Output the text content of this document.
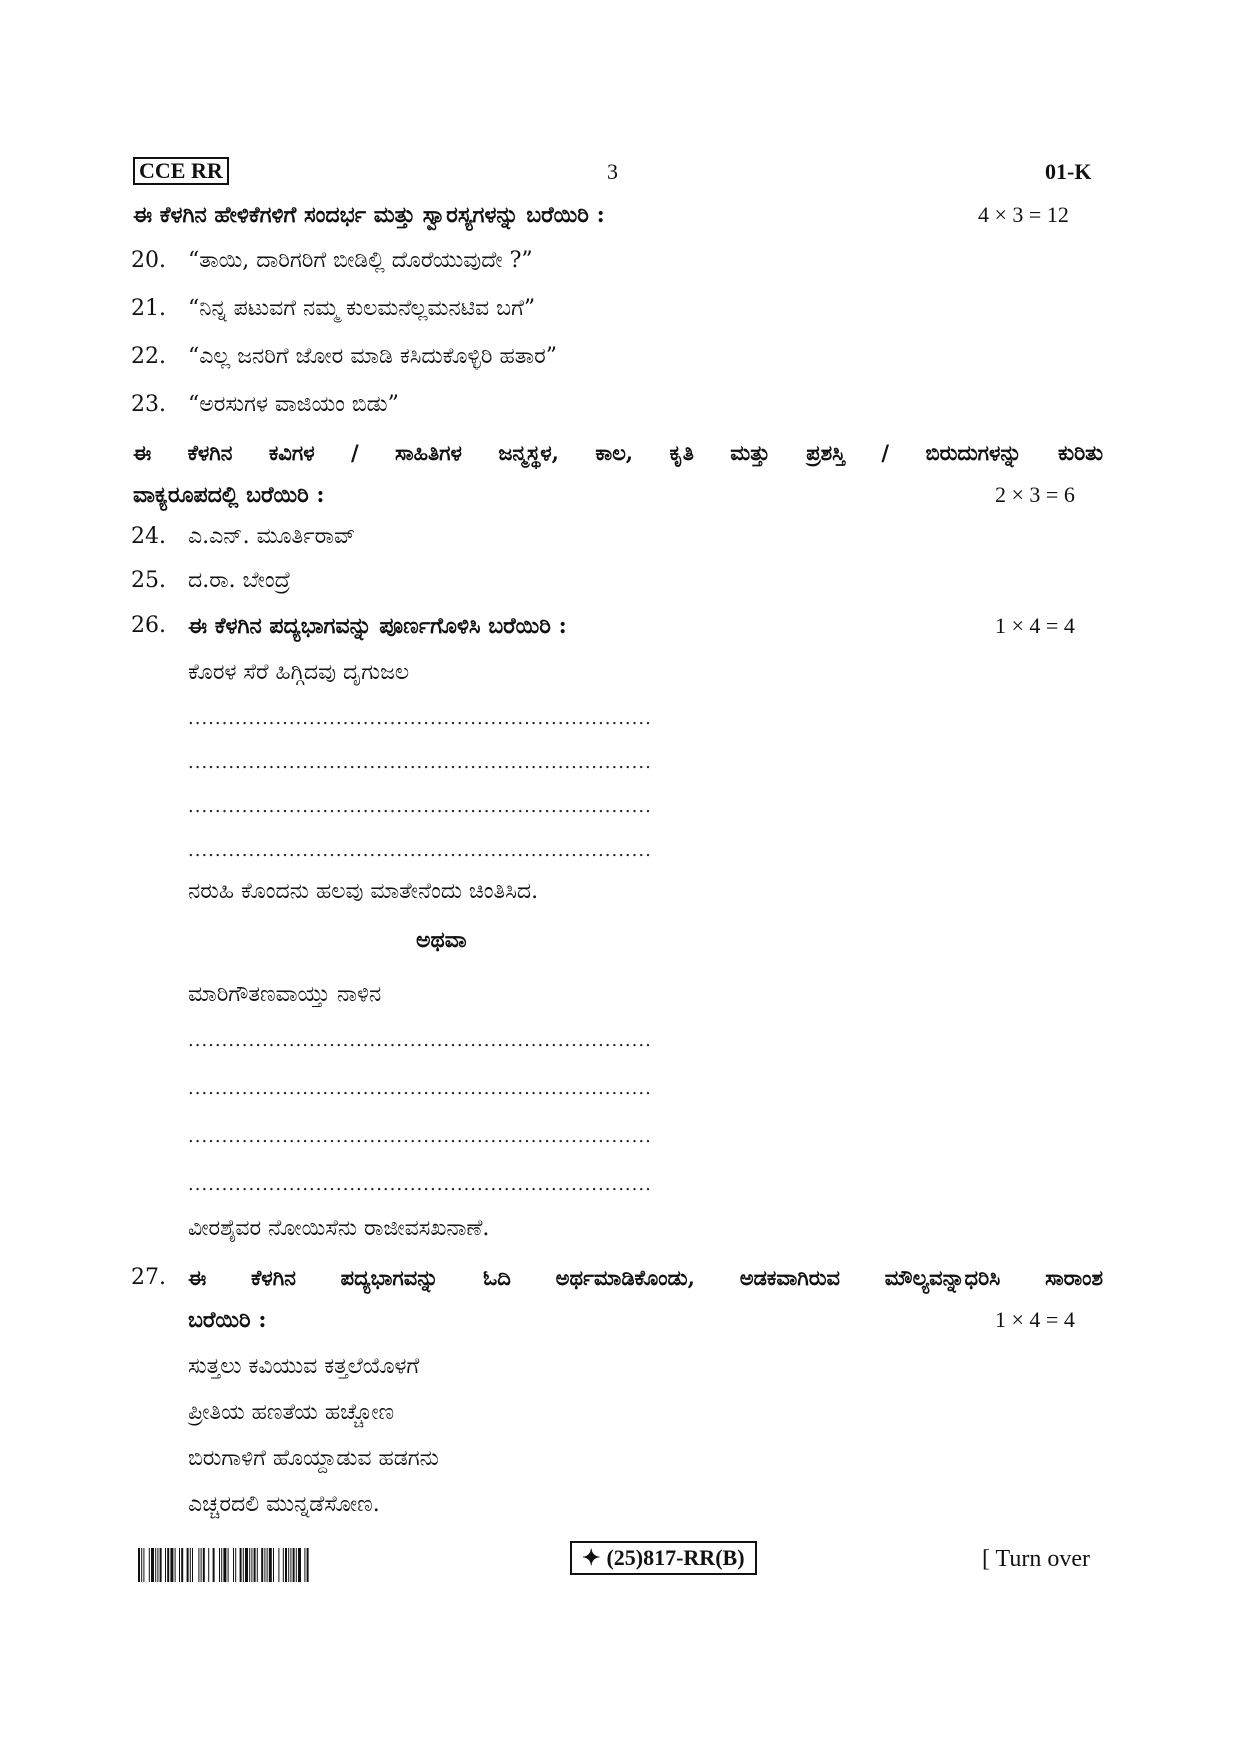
CCE RR	3	01-K
ಈ ಕೆಳಗಿನ ಹೇಳಿಕೆಗಳಿಗೆ ಸಂದರ್ಭ ಮತ್ತು ಸ್ವಾರಸ್ಯಗಳನ್ನು ಬರೆಯಿರಿ :	4 × 3 = 12
20. “ತಾಯಿ, ದಾರಿಗರಿಗೆ ಬೀಡಿಲ್ಲಿ ದೊರೆಯುವುದೇ ?”
21. “ನಿನ್ನ ಪಟುವಗೆ ನಮ್ಮ ಕುಲಮನೆಲ್ಲಮನಟಿವ ಬಗೆ”
22. “ಎಲ್ಲ ಜನರಿಗೆ ಜೋರ ಮಾಡಿ ಕಸಿದುಕೊಳ್ಳಿರಿ ಹತಾರ”
23. “ಅರಸುಗಳ ವಾಜಿಯಂ ಬಿಡು”
ಈ ಕೆಳಗಿನ ಕವಿಗಳ / ಸಾಹಿತಿಗಳ ಜನ್ಮಸ್ಥಳ, ಕಾಲ, ಕೃತಿ ಮತ್ತು ಪ್ರಶಸ್ತಿ / ಬಿರುದುಗಳನ್ನು ಕುರಿತು
ವಾಕ್ಯರೂಪದಲ್ಲಿ ಬರೆಯಿರಿ :	2 × 3 = 6
24. ಎ.ಎನ್. ಮೂರ್ತಿರಾವ್
25. ದ.ರಾ. ಬೇಂದ್ರೆ
26. ಈ ಕೆಳಗಿನ ಪದ್ಯಭಾಗವನ್ನು ಪೂರ್ಣಗೊಳಿಸಿ ಬರೆಯಿರಿ :	1 × 4 = 4
ಕೊರಳ ಸೆರೆ ಹಿಗ್ಗಿದವು ದೃಗುಜಲ
.....................................................................
.....................................................................
.....................................................................
.....................................................................
ನರುಹಿ ಕೊಂದನು ಹಲವು ಮಾತೇನೆಂದು ಚಿಂತಿಸಿದ.
ಅಥವಾ
ಮಾರಿಗೌತಣವಾಯ್ತು ನಾಳಿನ
.....................................................................
.....................................................................
.....................................................................
.....................................................................
ವೀರಶೈವರ ನೋಯಿಸೆನು ರಾಜೀವಸಖನಾಣೆ.
27. ಈ ಕೆಳಗಿನ ಪದ್ಯಭಾಗವನ್ನು ಓದಿ ಅರ್ಥಮಾಡಿಕೊಂಡು, ಅಡಕವಾಗಿರುವ ಮೌಲ್ಯವನ್ನಾಧರಿಸಿ ಸಾರಾಂಶ
ಬರೆಯಿರಿ :	1 × 4 = 4
ಸುತ್ತಲು ಕವಿಯುವ ಕತ್ತಲೆಯೊಳಗೆ
ಪ್ರೀತಿಯ ಹಣತೆಯ ಹಚ್ಚೋಣ
ಬಿರುಗಾಳಿಗೆ ಹೊಯ್ದಾಡುವ ಹಡಗನು
ಎಚ್ಚರದಲಿ ಮುನ್ನಡೆಸೋಣ.
✦ (25)817-RR(B)	[ Turn over
